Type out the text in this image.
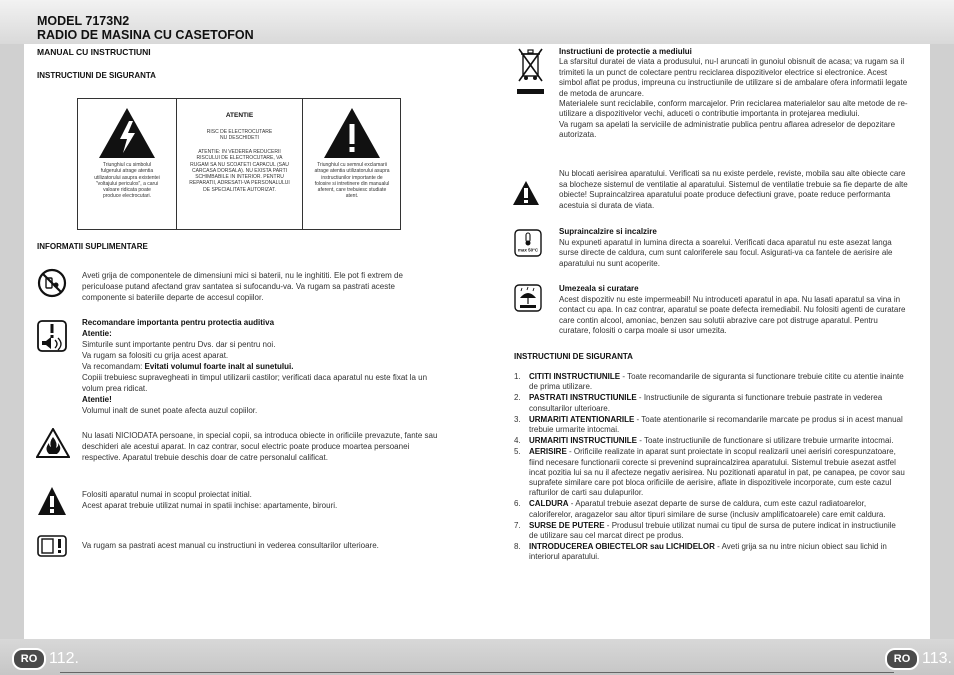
MODEL 7173N2
RADIO DE MASINA CU CASETOFON
MANUAL CU INSTRUCTIUNI
INSTRUCTIUNI DE SIGURANTA
Triunghiul cu simbolul fulgerului atrage atentia utilizatorului asupra existentei "voltajului periculos", a carui valoare ridicata poate produce electrocutari.
ATENTIE
RISC DE ELECTROCUTARE NU DESCHIDETI
ATENTIE: IN VEDEREA REDUCERII RISCULUI DE ELECTROCUTARE, VA RUGAM SA NU SCOATETI CAPACUL (SAU CARCASA DORSALA). NU EXISTA PARTI SCHIMBABILE IN INTERIOR. PENTRU REPARATII, ADRESATI-VA PERSONALULUI DE SPECIALITATE AUTORIZAT.
Triunghiul cu semnul exclamarii atrage atentia utilizatorului asupra instructiunilor importante de folosire si intretinere din manualul aferent, care trebuiesc studiate atent.
INFORMATII SUPLIMENTARE
Aveti grija de componentele de dimensiuni mici si baterii, nu le inghititi. Ele pot fi extrem de periculoase putand afectand grav santatea si sufocandu-va. Va rugam sa pastrati aceste componente si bateriile departe de accesul copiilor.
Recomandare importanta pentru protectia auditiva
Atentie:
Simturile sunt importante pentru Dvs. dar si pentru noi.
Va rugam sa folositi cu grija acest aparat.
Va recomandam: Evitati volumul foarte inalt al sunetului.
Copiii trebuiesc supravegheati in timpul utilizarii castilor; verificati daca aparatul nu este fixat la un volum prea ridicat.
Atentie!
Volumul inalt de sunet poate afecta auzul copiilor.
Nu lasati NICIODATA persoane, in special copii, sa introduca obiecte in orificiile prevazute, fante sau deschideri ale acestui aparat. In caz contrar, socul electric poate produce moartea persoanei respective. Aparatul trebuie deschis doar de catre personalul calificat.
Folositi aparatul numai in scopul proiectat initial.
Acest aparat trebuie utilizat numai in spatii inchise: apartamente, birouri.
Va rugam sa pastrati acest manual cu instructiuni in vederea consultarilor ulterioare.
RO 112.
Instructiuni de protectie a mediului
La sfarsitul duratei de viata a produsului, nu-l aruncati in gunoiul obisnuit de acasa; va rugam sa il trimiteti la un punct de colectare pentru reciclarea dispozitivelor electrice si electronice. Acest simbol aflat pe produs, impreuna cu instructiunile de utilizare si de ambalare ofera informatii legate de metoda de aruncare.
Materialele sunt reciclabile, conform marcajelor. Prin reciclarea materialelor sau alte metode de re-utilizare a dispozitivelor vechi, aduceti o contributie importanta in protejarea mediului.
Va rugam sa apelati la serviciile de administratie publica pentru aflarea adreselor de depozitare autorizata.
Nu blocati aerisirea aparatului. Verificati sa nu existe perdele, reviste, mobila sau alte obiecte care sa blocheze sistemul de ventilatie al aparatului. Sistemul de ventilatie trebuie sa fie departe de alte obiecte! Supraincalzirea aparatului poate produce defectiuni grave, poate reduce performanta acestuia si durata de viata.
max 50°C
Supraincalzire si incalzire
Nu expuneti aparatul in lumina directa a soarelui. Verificati daca aparatul nu este asezat langa surse directe de caldura, cum sunt caloriferele sau focul. Asigurati-va ca fantele de aerisire ale aparatului nu sunt acoperite.
Umezeala si curatare
Acest dispozitiv nu este impermeabil! Nu introduceti aparatul in apa. Nu lasati aparatul sa vina in contact cu apa. In caz contrar, aparatul se poate defecta iremediabil. Nu folositi agenti de curatare care contin alcool, amoniac, benzen sau solutii abrazive care pot distruge aparatul. Pentru curatare, folositi o carpa moale si usor umezita.
INSTRUCTIUNI DE SIGURANTA
1. CITITI INSTRUCTIUNILE - Toate recomandarile de siguranta si functionare trebuie citite cu atentie inainte de prima utilizare.
2. PASTRATI INSTRUCTIUNILE - Instructiunile de siguranta si functionare trebuie pastrate in vederea consultarilor ulterioare.
3. URMARITI ATENTIONARILE - Toate atentionarile si recomandarile marcate pe produs si in acest manual trebuie urmarite intocmai.
4. URMARITI INSTRUCTIUNILE - Toate instructiunile de functionare si utilizare trebuie urmarite intocmai.
5. AERISIRE - Orificiile realizate in aparat sunt proiectate in scopul realizarii unei aerisiri corespunzatoare, fiind necesare functionarii corecte si prevenind supraincalzirea aparatului. Sistemul trebuie asezat astfel incat pozitia lui sa nu il afecteze negativ aerisirea. Nu pozitionati aparatul in pat, pe canapea, pe covor sau suprafete similare care pot bloca orificiile de aerisire, aflate in dispozitivele incorporate, cum este cazul rafturilor de carti sau dulapurilor.
6. CALDURA - Aparatul trebuie asezat departe de surse de caldura, cum este cazul radiatoarelor, caloriferelor, aragazelor sau altor tipuri similare de surse (inclusiv amplificatoarele) care emit caldura.
7. SURSE DE PUTERE - Produsul trebuie utilizat numai cu tipul de sursa de putere indicat in instructiunile de utilizare sau cel marcat direct pe produs.
8. INTRODUCEREA OBIECTELOR sau LICHIDELOR - Aveti grija sa nu intre niciun obiect sau lichid in interiorul aparatului.
RO 113.
